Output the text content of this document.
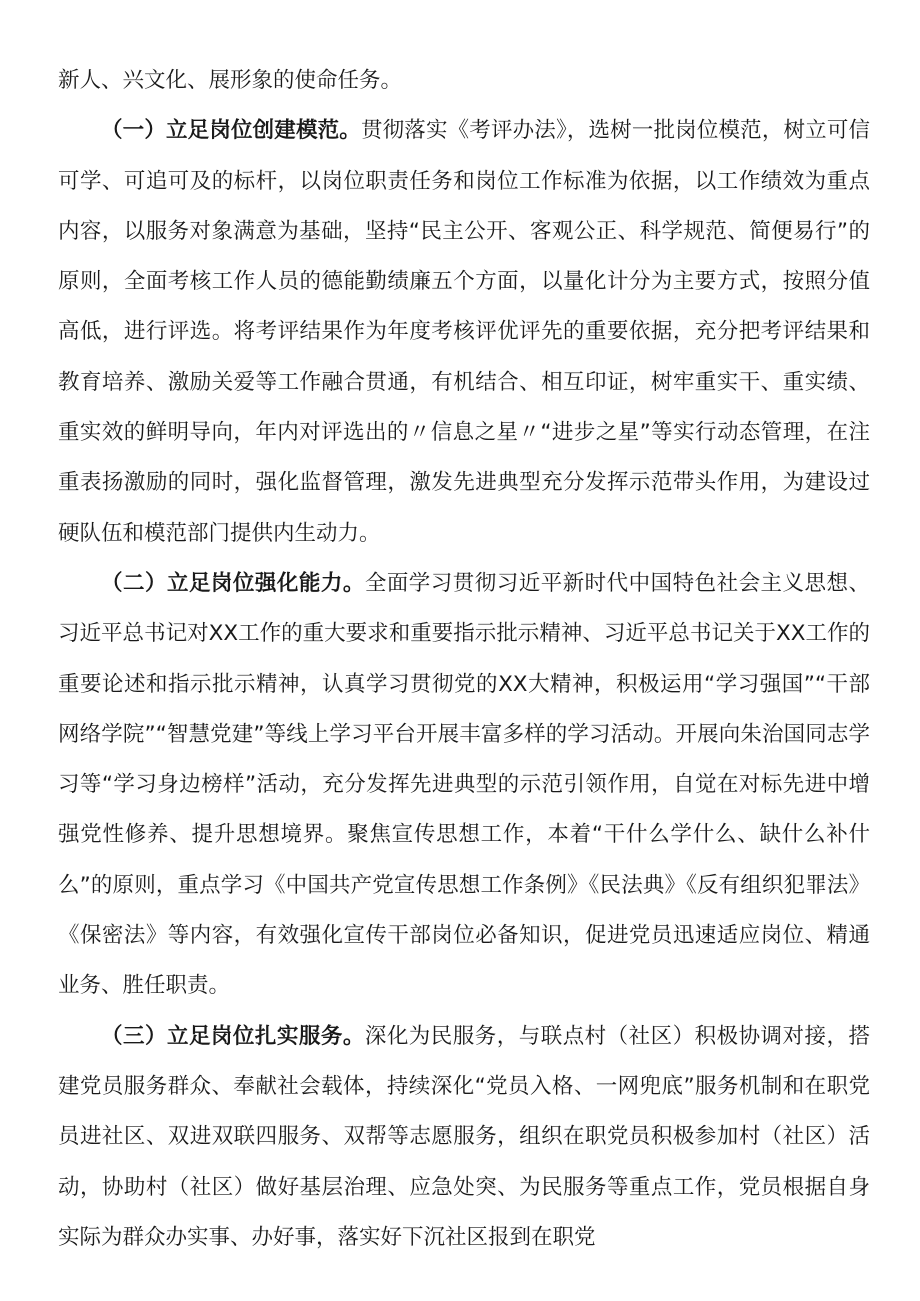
新人、兴文化、展形象的使命任务。

（一）立足岗位创建模范。贯彻落实《考评办法》，选树一批岗位模范，树立可信可学、可追可及的标杆，以岗位职责任务和岗位工作标准为依据，以工作绩效为重点内容，以服务对象满意为基础，坚持“民主公开、客观公正、科学规范、简便易行”的原则，全面考核工作人员的德能勤绩廉五个方面，以量化计分为主要方式，按照分值高低，进行评选。将考评结果作为年度考核评优评先的重要依据，充分把考评结果和教育培养、激励关爱等工作融合贯通，有机结合、相互印证，树牢重实干、重实绩、重实效的鲜明导向，年内对评选出的〃信息之星〃“进步之星”等实行动态管理，在注重表扬激励的同时，强化监督管理，激发先进典型充分发挥示范带头作用，为建设过硬队伍和模范部门提供内生动力。

（二）立足岗位强化能力。全面学习贯彻习近平新时代中国特色社会主义思想、习近平总书记对XX工作的重大要求和重要指示批示精神、习近平总书记关于XX工作的重要论述和指示批示精神，认真学习贯彻党的XX大精神，积极运用“学习强国”“干部网络学院”“智慧党建”等线上学习平台开展丰富多样的学习活动。开展向朱治国同志学习等“学习身边榜样”活动，充分发挥先进典型的示范引领作用，自觉在对标先进中增强党性修养、提升思想境界。聚焦宣传思想工作，本着“干什么学什么、缺什么补什么”的原则，重点学习《中国共产党宣传思想工作条例》《民法典》《反有组织犯罪法》《保密法》等内容，有效强化宣传干部岗位必备知识，促进党员迅速适应岗位、精通业务、胜任职责。

（三）立足岗位扎实服务。深化为民服务，与联点村（社区）积极协调对接，搭建党员服务群众、奉献社会载体，持续深化“党员入格、一网兜底”服务机制和在职党员进社区、双进双联四服务、双帮等志愿服务，组织在职党员积极参加村（社区）活动，协助村（社区）做好基层治理、应急处突、为民服务等重点工作，党员根据自身实际为群众办实事、办好事，落实好下沉社区报到在职党
